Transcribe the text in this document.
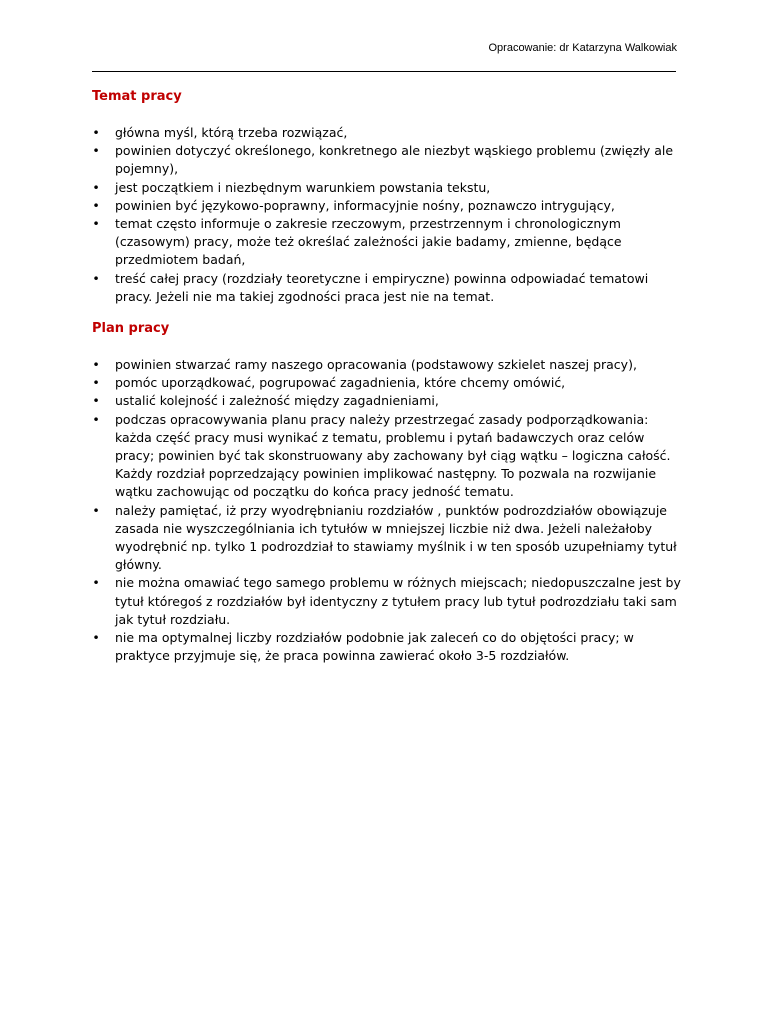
Opracowanie: dr Katarzyna Walkowiak
Temat pracy
• główna myśl, którą trzeba rozwiązać,
• powinien dotyczyć określonego, konkretnego ale niezbyt wąskiego problemu (zwięzły ale pojemny),
• jest początkiem i niezbędnym warunkiem powstania tekstu,
• powinien być językowo-poprawny, informacyjnie nośny, poznawczo intrygujący,
• temat często informuje o zakresie rzeczowym, przestrzennym i chronologicznym (czasowym) pracy, może też określać zależności jakie badamy, zmienne, będące przedmiotem badań,
• treść całej pracy (rozdziały teoretyczne i empiryczne) powinna odpowiadać tematowi pracy. Jeżeli nie ma takiej zgodności praca jest nie na temat.
Plan pracy
• powinien stwarzać ramy naszego opracowania (podstawowy szkielet naszej pracy),
• pomóc uporządkować, pogrupować zagadnienia, które chcemy omówić,
• ustalić kolejność i zależność między zagadnieniami,
• podczas opracowywania planu pracy należy przestrzegać zasady podporządkowania: każda część pracy musi wynikać z tematu, problemu i pytań badawczych oraz celów pracy; powinien być tak skonstruowany aby zachowany był ciąg wątku – logiczna całość. Każdy rozdział poprzedzający powinien implikować następny. To pozwala na rozwijanie wątku zachowując od początku do końca pracy jedność tematu.
• należy pamiętać, iż przy wyodrębnianiu rozdziałów , punktów podrozdziałów obowiązuje zasada nie wyszczególniania ich tytułów w mniejszej liczbie niż dwa. Jeżeli należałoby wyodrębnić np. tylko 1 podrozdział to stawiamy myślnik i w ten sposób uzupełniamy tytuł główny.
• nie można omawiać tego samego problemu w różnych miejscach; niedopuszczalne jest by tytuł któregoś z rozdziałów był identyczny z tytułem pracy lub tytuł podrozdziału taki sam jak tytuł rozdziału.
• nie ma optymalnej liczby rozdziałów podobnie jak zaleceń co do objętości pracy; w praktyce przyjmuje się, że praca powinna zawierać około 3-5 rozdziałów.
